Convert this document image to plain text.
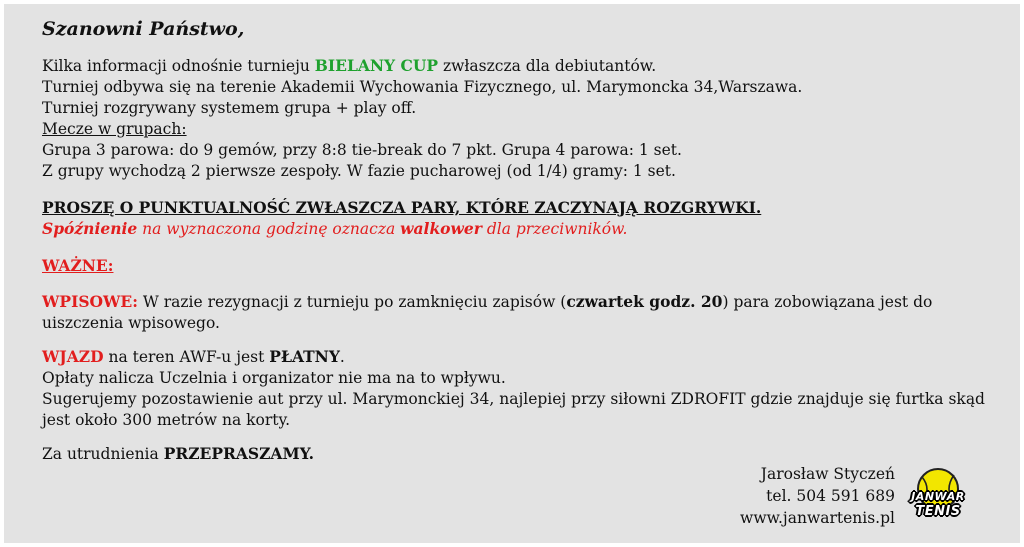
Szanowni Państwo,

Kilka informacji odnośnie turnieju BIELANY CUP zwłaszcza dla debiutantów.

Turniej odbywa się na terenie Akademii Wychowania Fizycznego, ul. Marymoncka 34,Warszawa.

Turniej rozgrywany systemem grupa + play off.

Mecze w grupach:

Grupa 3 parowa: do 9 gemów, przy 8:8 tie-break do 7 pkt. Grupa 4 parowa: 1 set.

Z grupy wychodzą 2 pierwsze zespoły. W fazie pucharowej (od 1/4) gramy: 1 set.

PROSZĘ O PUNKTUALNOŚĆ ZWŁASZCZA PARY, KTÓRE ZACZYNAJĄ ROZGRYWKI.

Spóźnienie na wyznaczona godzinę oznacza walkower dla przeciwników.

WAŻNE:

WPISOWE: W razie rezygnacji z turnieju po zamknięciu zapisów (czwartek godz. 20) para zobowiązana jest do uiszczenia wpisowego.

WJAZD na teren AWF-u jest PŁATNY.

Opłaty nalicza Uczelnia i organizator nie ma na to wpływu.

Sugerujemy pozostawienie aut przy ul. Marymonckiej 34, najlepiej przy siłowni ZDROFIT gdzie znajduje się furtka skąd jest około 300 metrów na korty.

Za utrudnienia PRZEPRASZAMY.

Jarosław Styczeń
tel. 504 591 689
www.janwartenis.pl
JANWAR
TENIS
